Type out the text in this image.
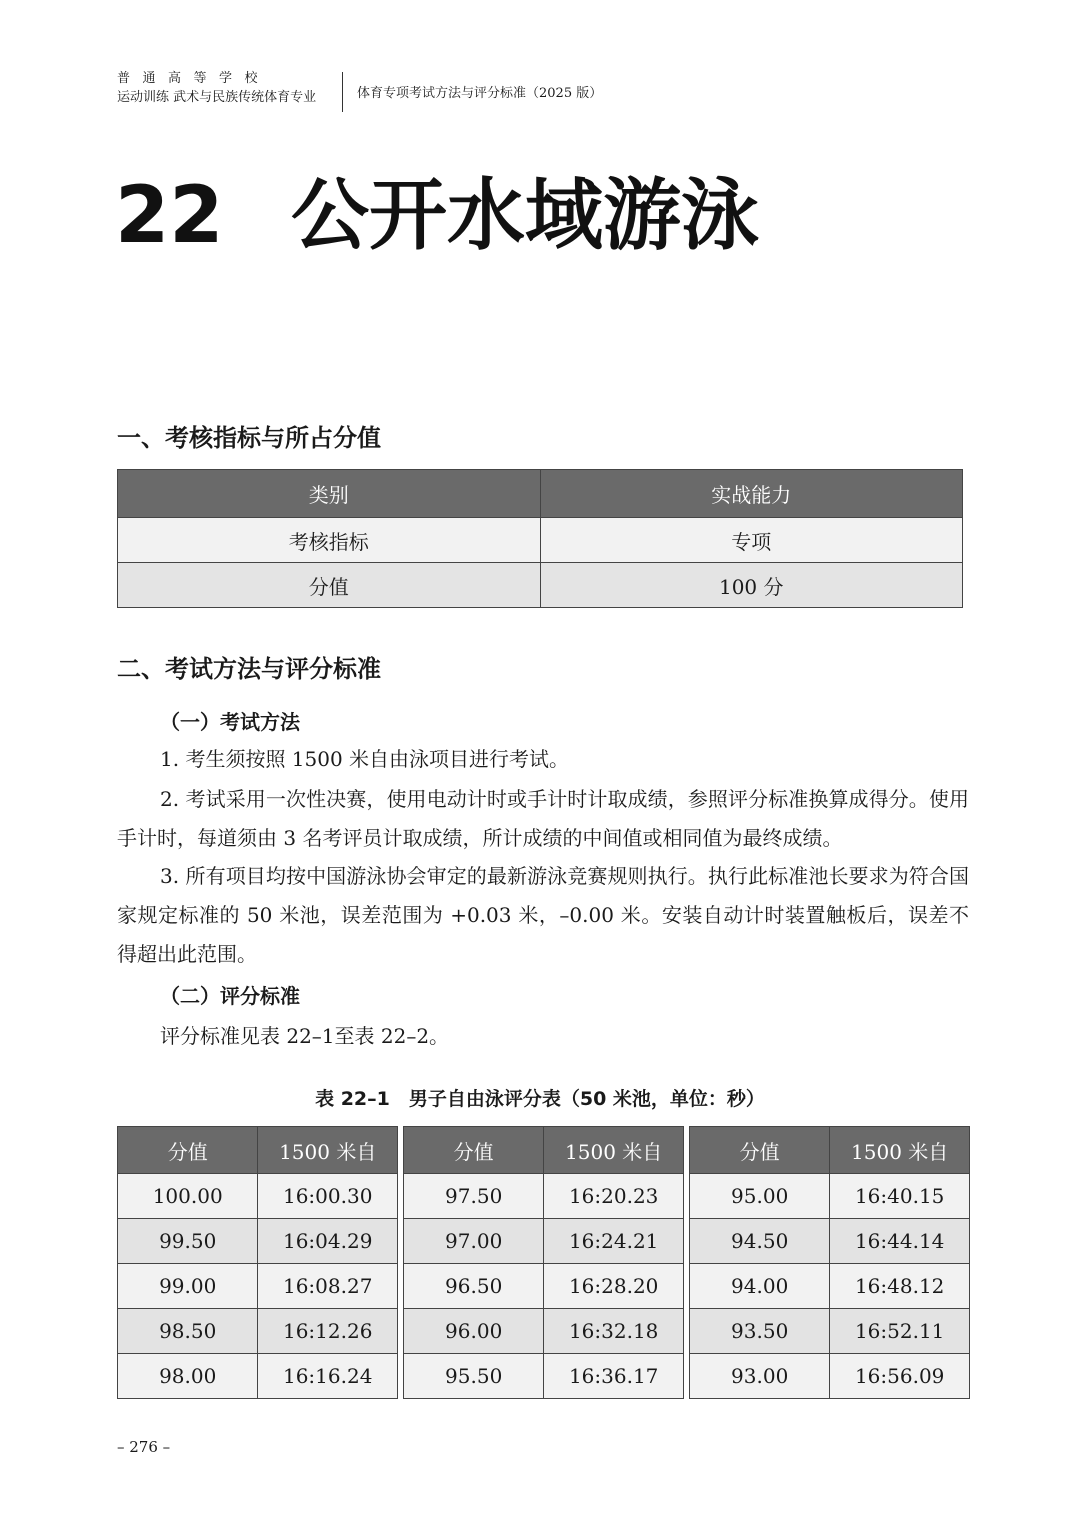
普通高等学校
运动训练 武术与民族传统体育专业	体育专项考试方法与评分标准（2025 版）
22 公开水域游泳
一、考核指标与所占分值
类别	实战能力
考核指标	专项
分值	100 分
二、考试方法与评分标准
（一）考试方法
1. 考生须按照 1500 米自由泳项目进行考试。
2. 考试采用一次性决赛，使用电动计时或手计时计取成绩，参照评分标准换算成得分。使用手计时，每道须由 3 名考评员计取成绩，所计成绩的中间值或相同值为最终成绩。
3. 所有项目均按中国游泳协会审定的最新游泳竞赛规则执行。执行此标准池长要求为符合国家规定标准的 50 米池，误差范围为 +0.03 米，–0.00 米。安装自动计时装置触板后，误差不得超出此范围。
（二）评分标准
评分标准见表 22–1至表 22–2。
表 22–1　男子自由泳评分表（50 米池，单位：秒）
分值	1500 米自
100.00	16:00.30
99.50	16:04.29
99.00	16:08.27
98.50	16:12.26
98.00	16:16.24
分值	1500 米自
97.50	16:20.23
97.00	16:24.21
96.50	16:28.20
96.00	16:32.18
95.50	16:36.17
分值	1500 米自
95.00	16:40.15
94.50	16:44.14
94.00	16:48.12
93.50	16:52.11
93.00	16:56.09
– 276 –
